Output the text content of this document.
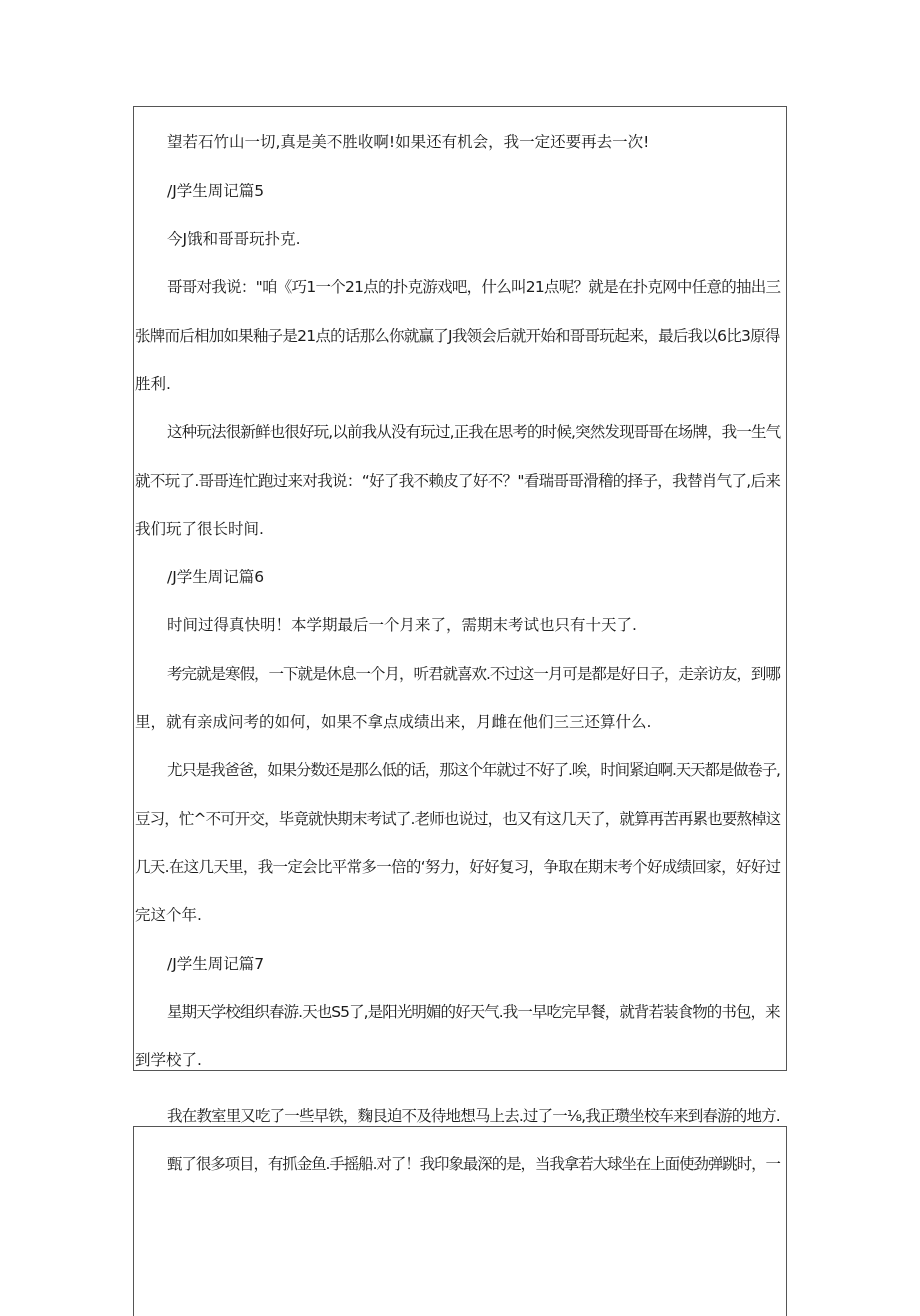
望若石竹山一切,真是美不胜收啊!如果还有机会，我一定还要再去一次!

/J学生周记篇5

今J饿和哥哥玩扑克.

哥哥对我说："咱《巧1一个21点的扑克游戏吧，什么叫21点呢？就是在扑克网中任意的抽出三

张牌而后相加如果釉子是21点的话那么你就赢了J我领会后就开始和哥哥玩起来，最后我以6比3原得

胜利.

这种玩法很新鲜也很好玩,以前我从没有玩过,正我在思考的时候,突然发现哥哥在场牌，我一生气

就不玩了.哥哥连忙跑过来对我说：“好了我不赖皮了好不？"看瑞哥哥滑稽的择子，我替肖气了,后来

我们玩了很长时间.

/J学生周记篇6

时间过得真快明！本学期最后一个月来了，需期末考试也只有十天了.

考完就是寒假，一下就是休息一个月，听君就喜欢.不过这一月可是都是好日子，走亲访友，到哪

里，就有亲成问考的如何，如果不拿点成绩出来，月雌在他们三三还算什么.

尤只是我爸爸，如果分数还是那么低的话，那这个年就过不好了.唉，时间紧迫啊.天天都是做卷子,

豆习，忙^不可开交，毕竟就快期末考试了.老师也说过，也又有这几天了，就算再苦再累也要熬棹这

几天.在这几天里，我一定会比平常多一倍的‘努力，好好复习，争取在期末考个好成绩回家，好好过

完这个年.

/J学生周记篇7

星期天学校组织春游.天也S5了,是阳光明媚的好天气.我一早吃完早餐，就背若装食物的书包，来

到学校了.

我在教室里又吃了一些早铁，麴艮迫不及待地想马上去.过了一⅛,我正瓒坐校车来到春游的地方.

甄了很多项目，有抓金鱼.手摇船.对了！我印象最深的是，当我拿若大球坐在上面使劲弹跳时，一
